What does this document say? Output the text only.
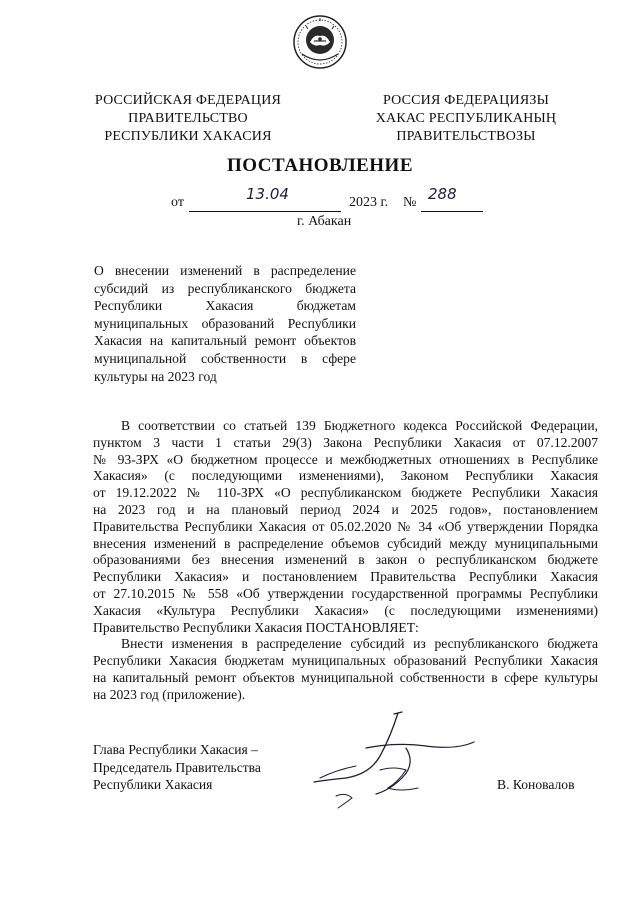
РОССИЙСКАЯ ФЕДЕРАЦИЯ
ПРАВИТЕЛЬСТВО
РЕСПУБЛИКИ ХАКАСИЯ
РОССИЯ ФЕДЕРАЦИЯЗЫ
ХАКАС РЕСПУБЛИКАНЫҢ
ПРАВИТЕЛЬСТВОЗЫ
ПОСТАНОВЛЕНИЕ
от	13.04	2023 г. № 288
г. Абакан
О внесении изменений в распределение
субсидий из республиканского бюджета
Республики Хакасия бюджетам
муниципальных образований Республики
Хакасия на капитальный ремонт объектов
муниципальной собственности в сфере
культуры на 2023 год
В соответствии со статьей 139 Бюджетного кодекса Российской Федерации,
пунктом 3 части 1 статьи 29(3) Закона Республики Хакасия от 07.12.2007
№ 93-ЗРХ «О бюджетном процессе и межбюджетных отношениях в Республике
Хакасия» (с последующими изменениями), Законом Республики Хакасия
от 19.12.2022 № 110-ЗРХ «О республиканском бюджете Республики Хакасия
на 2023 год и на плановый период 2024 и 2025 годов», постановлением
Правительства Республики Хакасия от 05.02.2020 № 34 «Об утверждении Порядка
внесения изменений в распределение объемов субсидий между муниципальными
образованиями без внесения изменений в закон о республиканском бюджете
Республики Хакасия» и постановлением Правительства Республики Хакасия
от 27.10.2015 № 558 «Об утверждении государственной программы Республики
Хакасия «Культура Республики Хакасия» (с последующими изменениями)
Правительство Республики Хакасия ПОСТАНОВЛЯЕТ:
Внести изменения в распределение субсидий из республиканского бюджета
Республики Хакасия бюджетам муниципальных образований Республики Хакасия
на капитальный ремонт объектов муниципальной собственности в сфере культуры
на 2023 год (приложение).
Глава Республики Хакасия –
Председатель Правительства
Республики Хакасия	В. Коновалов
